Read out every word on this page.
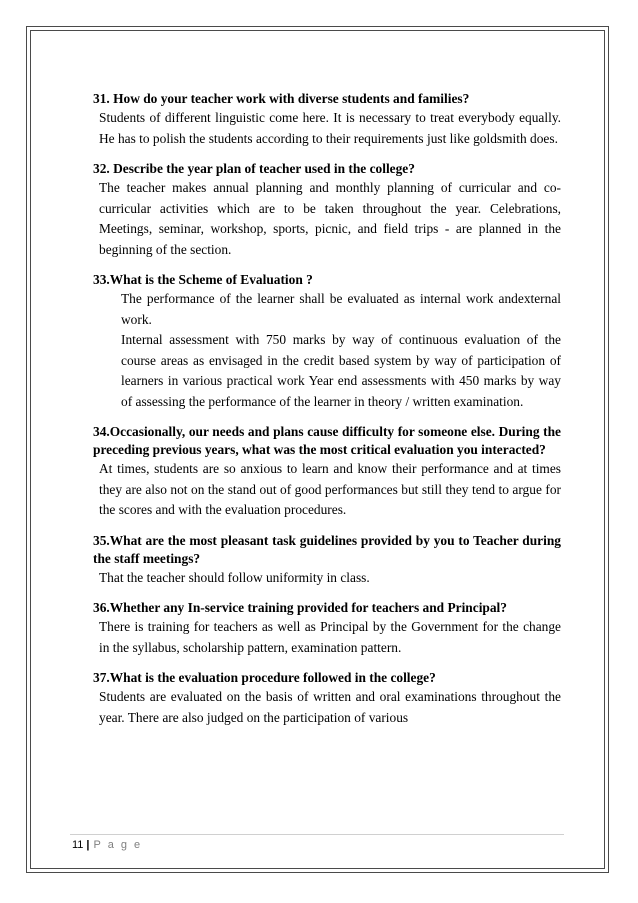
31. How do your teacher work with diverse students and families?

Students of different linguistic come here. It is necessary to treat everybody equally. He has to polish the students according to their requirements just like goldsmith does.

32. Describe the year plan of teacher used in the college?

The teacher makes annual planning and monthly planning of curricular and co-curricular activities which are to be taken throughout the year. Celebrations, Meetings, seminar, workshop, sports, picnic, and field trips - are planned in the beginning of the section.

33.What is the Scheme of Evaluation ?

The performance of the learner shall be evaluated as internal work andexternal work.

Internal assessment with 750 marks by way of continuous evaluation of the course areas as envisaged in the credit based system by way of participation of learners in various practical work Year end assessments with 450 marks by way of assessing the performance of the learner in theory / written examination.

34.Occasionally, our needs and plans cause difficulty for someone else. During the preceding previous years, what was the most critical evaluation you interacted?

At times, students are so anxious to learn and know their performance and at times they are also not on the stand out of good performances but still they tend to argue for the scores and with the evaluation procedures.

35.What are the most pleasant task guidelines provided by you to Teacher during the staff meetings?

That the teacher should follow uniformity in class.

36.Whether any In-service training provided for teachers and Principal?

There is training for teachers as well as Principal by the Government for the change in the syllabus, scholarship pattern, examination pattern.

37.What is the evaluation procedure followed in the college?

Students are evaluated on the basis of written and oral examinations throughout the year. There are also judged on the participation of various

11 | P a g e
